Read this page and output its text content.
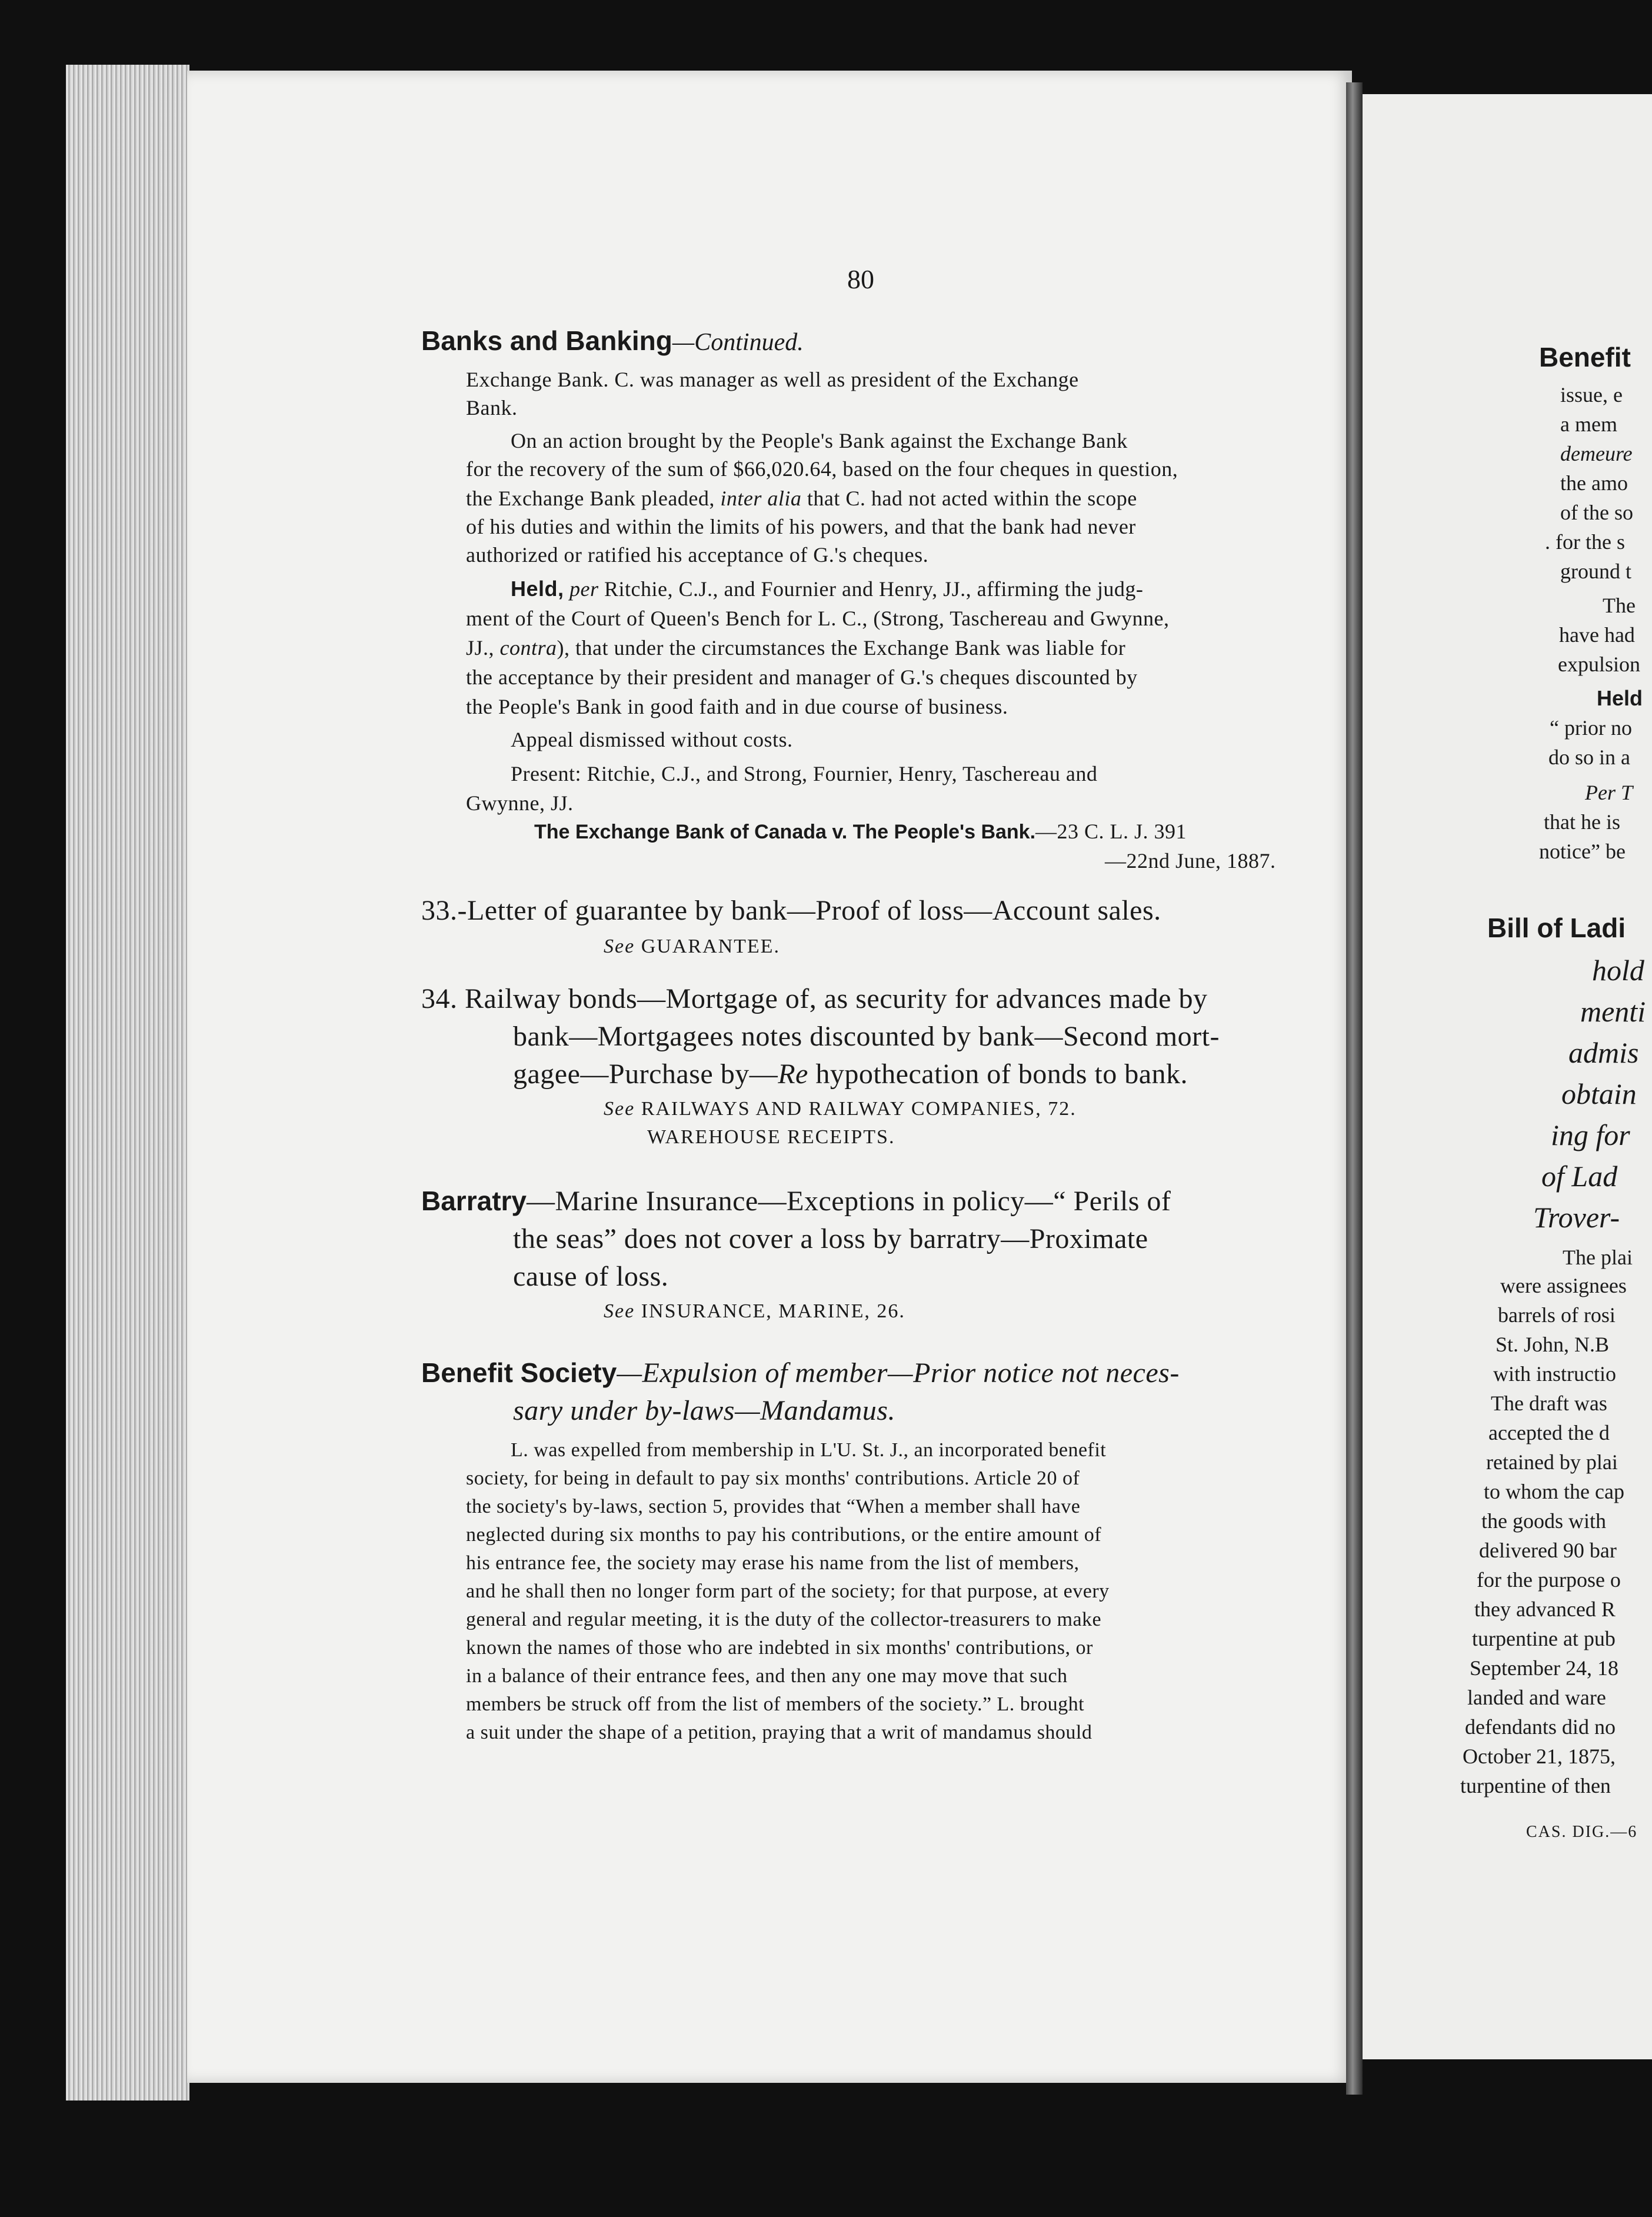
80
Banks and Banking—Continued.
Exchange Bank. C. was manager as well as president of the Exchange
Bank.
On an action brought by the People's Bank against the Exchange Bank
for the recovery of the sum of $66,020.64, based on the four cheques in question,
the Exchange Bank pleaded, inter alia that C. had not acted within the scope
of his duties and within the limits of his powers, and that the bank had never
authorized or ratified his acceptance of G.'s cheques.
Held, per Ritchie, C.J., and Fournier and Henry, JJ., affirming the judg-
ment of the Court of Queen's Bench for L. C., (Strong, Taschereau and Gwynne,
JJ., contra), that under the circumstances the Exchange Bank was liable for
the acceptance by their president and manager of G.'s cheques discounted by
the People's Bank in good faith and in due course of business.
Appeal dismissed without costs.
Present: Ritchie, C.J., and Strong, Fournier, Henry, Taschereau and
Gwynne, JJ.
The Exchange Bank of Canada v. The People's Bank.—23 C. L. J. 391
—22nd June, 1887.
33.-Letter of guarantee by bank—Proof of loss—Account sales.
See GUARANTEE.
34. Railway bonds—Mortgage of, as security for advances made by
bank—Mortgagees notes discounted by bank—Second mort-
gagee—Purchase by—Re hypothecation of bonds to bank.
See RAILWAYS AND RAILWAY COMPANIES, 72.
WAREHOUSE RECEIPTS.
Barratry—Marine Insurance—Exceptions in policy—“ Perils of
the seas” does not cover a loss by barratry—Proximate
cause of loss.
See INSURANCE, MARINE, 26.
Benefit Society—Expulsion of member—Prior notice not neces-
sary under by-laws—Mandamus.
L. was expelled from membership in L'U. St. J., an incorporated benefit
society, for being in default to pay six months' contributions. Article 20 of
the society's by-laws, section 5, provides that “When a member shall have
neglected during six months to pay his contributions, or the entire amount of
his entrance fee, the society may erase his name from the list of members,
and he shall then no longer form part of the society; for that purpose, at every
general and regular meeting, it is the duty of the collector-treasurers to make
known the names of those who are indebted in six months' contributions, or
in a balance of their entrance fees, and then any one may move that such
members be struck off from the list of members of the society.” L. brought
a suit under the shape of a petition, praying that a writ of mandamus should
Benefit
issue, e
a mem
demeure
the amo
of the so
. for the s
ground t
The
have had
expulsion
Held
“ prior no
do so in a
Per T
that he is
notice” be
Bill of Ladi
hold
menti
admis
obtain
ing for
of Lad
Trover-
The plai
were assignees
barrels of rosi
St. John, N.B
with instructio
The draft was
accepted the d
retained by plai
to whom the cap
the goods with
delivered 90 bar
for the purpose o
they advanced R
turpentine at pub
September 24, 18
landed and ware
defendants did no
October 21, 1875,
turpentine of then
CAS. DIG.—6
